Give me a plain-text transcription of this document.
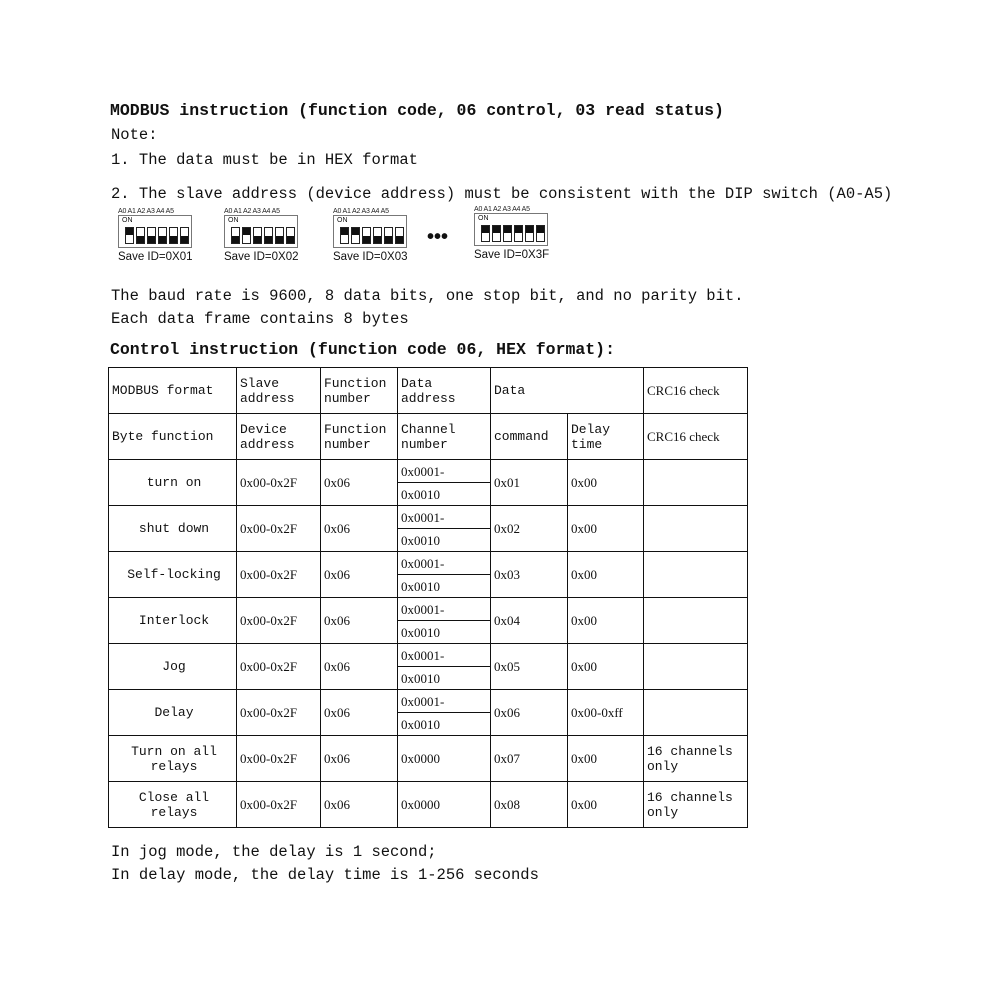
MODBUS instruction (function code, 06 control, 03 read status)
Note:
1. The data must be in HEX format
2. The slave address (device address) must be consistent with the DIP switch (A0-A5)
A0 A1 A2 A3 A4 A5
ON
Save ID=0X01
A0 A1 A2 A3 A4 A5
ON
Save ID=0X02
A0 A1 A2 A3 A4 A5
ON
Save ID=0X03
•••
A0 A1 A2 A3 A4 A5
ON
Save ID=0X3F
The baud rate is 9600, 8 data bits, one stop bit, and no parity bit.
Each data frame contains 8 bytes
Control instruction (function code 06, HEX format):
MODBUS format	Slave address	Function number	Data address	Data		CRC16 check
Byte function	Device address	Function number	Channel number	command	Delay time	CRC16 check
turn on	0x00-0x2F	0x06	0x0001-	0x01	0x00	
			0x0010			
shut down	0x00-0x2F	0x06	0x0001-	0x02	0x00	
			0x0010			
Self-locking	0x00-0x2F	0x06	0x0001-	0x03	0x00	
			0x0010			
Interlock	0x00-0x2F	0x06	0x0001-	0x04	0x00	
			0x0010			
Jog	0x00-0x2F	0x06	0x0001-	0x05	0x00	
			0x0010			
Delay	0x00-0x2F	0x06	0x0001-	0x06	0x00-0xff	
			0x0010			
Turn on all relays	0x00-0x2F	0x06	0x0000	0x07	0x00	16 channels only
Close all relays	0x00-0x2F	0x06	0x0000	0x08	0x00	16 channels only
In jog mode, the delay is 1 second;
In delay mode, the delay time is 1-256 seconds
